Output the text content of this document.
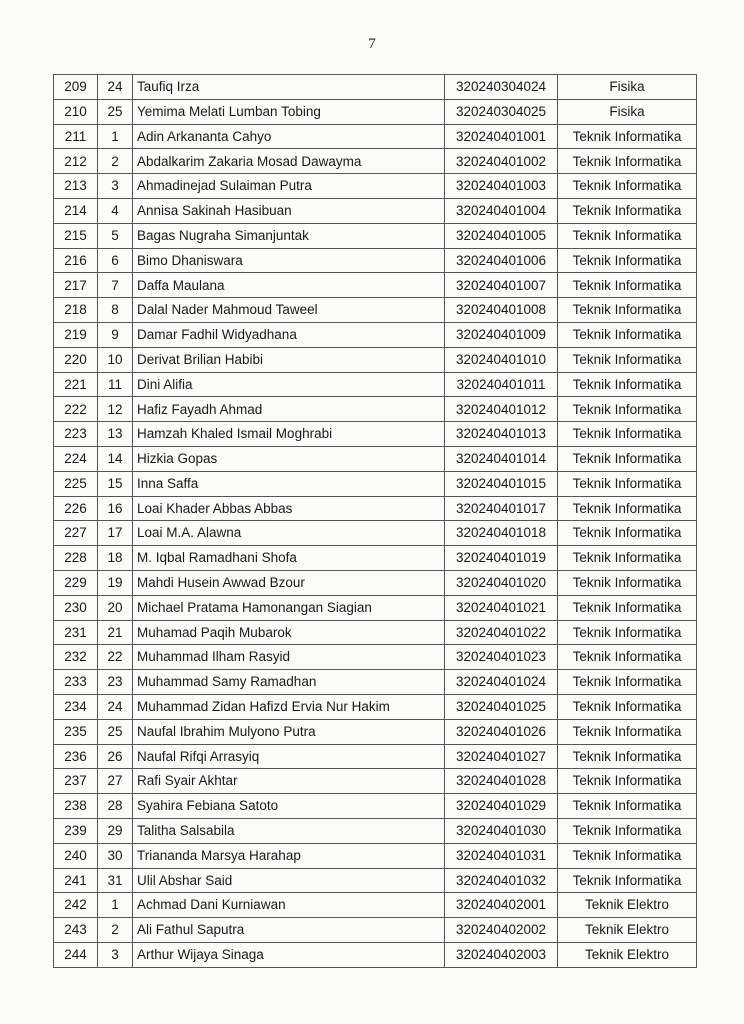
7
209	24	Taufiq Irza	320240304024	Fisika
210	25	Yemima Melati Lumban Tobing	320240304025	Fisika
211	1	Adin Arkananta Cahyo	320240401001	Teknik Informatika
212	2	Abdalkarim Zakaria Mosad Dawayma	320240401002	Teknik Informatika
213	3	Ahmadinejad Sulaiman Putra	320240401003	Teknik Informatika
214	4	Annisa Sakinah Hasibuan	320240401004	Teknik Informatika
215	5	Bagas Nugraha Simanjuntak	320240401005	Teknik Informatika
216	6	Bimo Dhaniswara	320240401006	Teknik Informatika
217	7	Daffa Maulana	320240401007	Teknik Informatika
218	8	Dalal Nader Mahmoud Taweel	320240401008	Teknik Informatika
219	9	Damar Fadhil Widyadhana	320240401009	Teknik Informatika
220	10	Derivat Brilian Habibi	320240401010	Teknik Informatika
221	11	Dini Alifia	320240401011	Teknik Informatika
222	12	Hafiz Fayadh Ahmad	320240401012	Teknik Informatika
223	13	Hamzah Khaled Ismail Moghrabi	320240401013	Teknik Informatika
224	14	Hizkia Gopas	320240401014	Teknik Informatika
225	15	Inna Saffa	320240401015	Teknik Informatika
226	16	Loai Khader Abbas Abbas	320240401017	Teknik Informatika
227	17	Loai M.A. Alawna	320240401018	Teknik Informatika
228	18	M. Iqbal Ramadhani Shofa	320240401019	Teknik Informatika
229	19	Mahdi Husein Awwad Bzour	320240401020	Teknik Informatika
230	20	Michael Pratama Hamonangan Siagian	320240401021	Teknik Informatika
231	21	Muhamad Paqih Mubarok	320240401022	Teknik Informatika
232	22	Muhammad Ilham Rasyid	320240401023	Teknik Informatika
233	23	Muhammad Samy Ramadhan	320240401024	Teknik Informatika
234	24	Muhammad Zidan Hafizd Ervia Nur Hakim	320240401025	Teknik Informatika
235	25	Naufal Ibrahim Mulyono Putra	320240401026	Teknik Informatika
236	26	Naufal Rifqi Arrasyiq	320240401027	Teknik Informatika
237	27	Rafi Syair Akhtar	320240401028	Teknik Informatika
238	28	Syahira Febiana Satoto	320240401029	Teknik Informatika
239	29	Talitha Salsabila	320240401030	Teknik Informatika
240	30	Triananda Marsya Harahap	320240401031	Teknik Informatika
241	31	Ulil Abshar Said	320240401032	Teknik Informatika
242	1	Achmad Dani Kurniawan	320240402001	Teknik Elektro
243	2	Ali Fathul Saputra	320240402002	Teknik Elektro
244	3	Arthur Wijaya Sinaga	320240402003	Teknik Elektro
